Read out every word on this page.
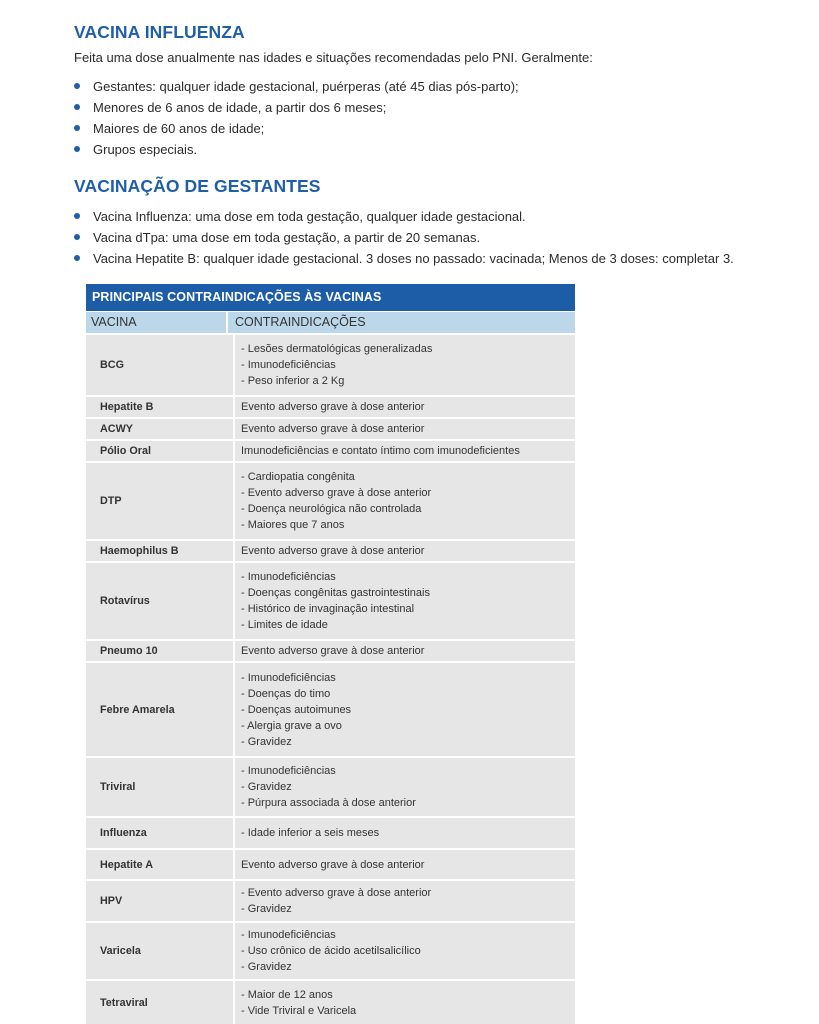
VACINA INFLUENZA
Feita uma dose anualmente nas idades e situações recomendadas pelo PNI. Geralmente:
Gestantes: qualquer idade gestacional, puérperas (até 45 dias pós-parto);
Menores de 6 anos de idade, a partir dos 6 meses;
Maiores de 60 anos de idade;
Grupos especiais.
VACINAÇÃO DE GESTANTES
Vacina Influenza: uma dose em toda gestação, qualquer idade gestacional.
Vacina dTpa: uma dose em toda gestação, a partir de 20 semanas.
Vacina Hepatite B: qualquer idade gestacional. 3 doses no passado: vacinada; Menos de 3 doses: completar 3.
PRINCIPAIS CONTRAINDICAÇÕES ÀS VACINAS
VACINA	CONTRAINDICAÇÕES
BCG
- Lesões dermatológicas generalizadas
- Imunodeficiências
- Peso inferior a 2 Kg
Hepatite B	Evento adverso grave à dose anterior
ACWY	Evento adverso grave à dose anterior
Pólio Oral	Imunodeficiências e contato íntimo com imunodeficientes
DTP
- Cardiopatia congênita
- Evento adverso grave à dose anterior
- Doença neurológica não controlada
- Maiores que 7 anos
Haemophilus B	Evento adverso grave à dose anterior
Rotavírus
- Imunodeficiências
- Doenças congênitas gastrointestinais
- Histórico de invaginação intestinal
- Limites de idade
Pneumo 10	Evento adverso grave à dose anterior
Febre Amarela
- Imunodeficiências
- Doenças do timo
- Doenças autoimunes
- Alergia grave a ovo
- Gravidez
Triviral
- Imunodeficiências
- Gravidez
- Púrpura associada à dose anterior
Influenza	- Idade inferior a seis meses
Hepatite A	Evento adverso grave à dose anterior
HPV
- Evento adverso grave à dose anterior
- Gravidez
Varicela
- Imunodeficiências
- Uso crônico de ácido acetilsalicílico
- Gravidez
Tetraviral
- Maior de 12 anos
- Vide Triviral e Varicela
